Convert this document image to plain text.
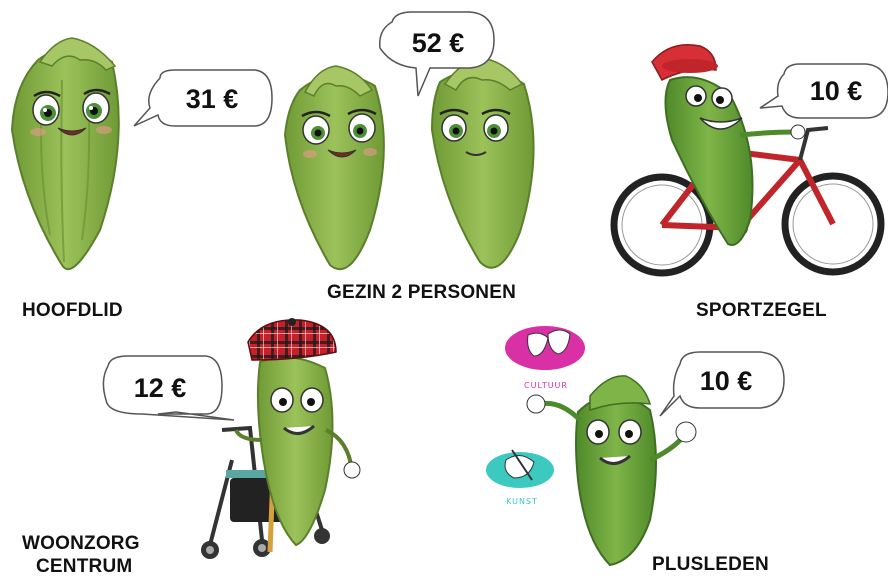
31 €
52 €
10 €
12 €	CULTUUR
KUNST
10 €
HOOFDLID
GEZIN 2 PERSONEN
SPORTZEGEL
WOONZORG
CENTRUM	PLUSLEDEN
